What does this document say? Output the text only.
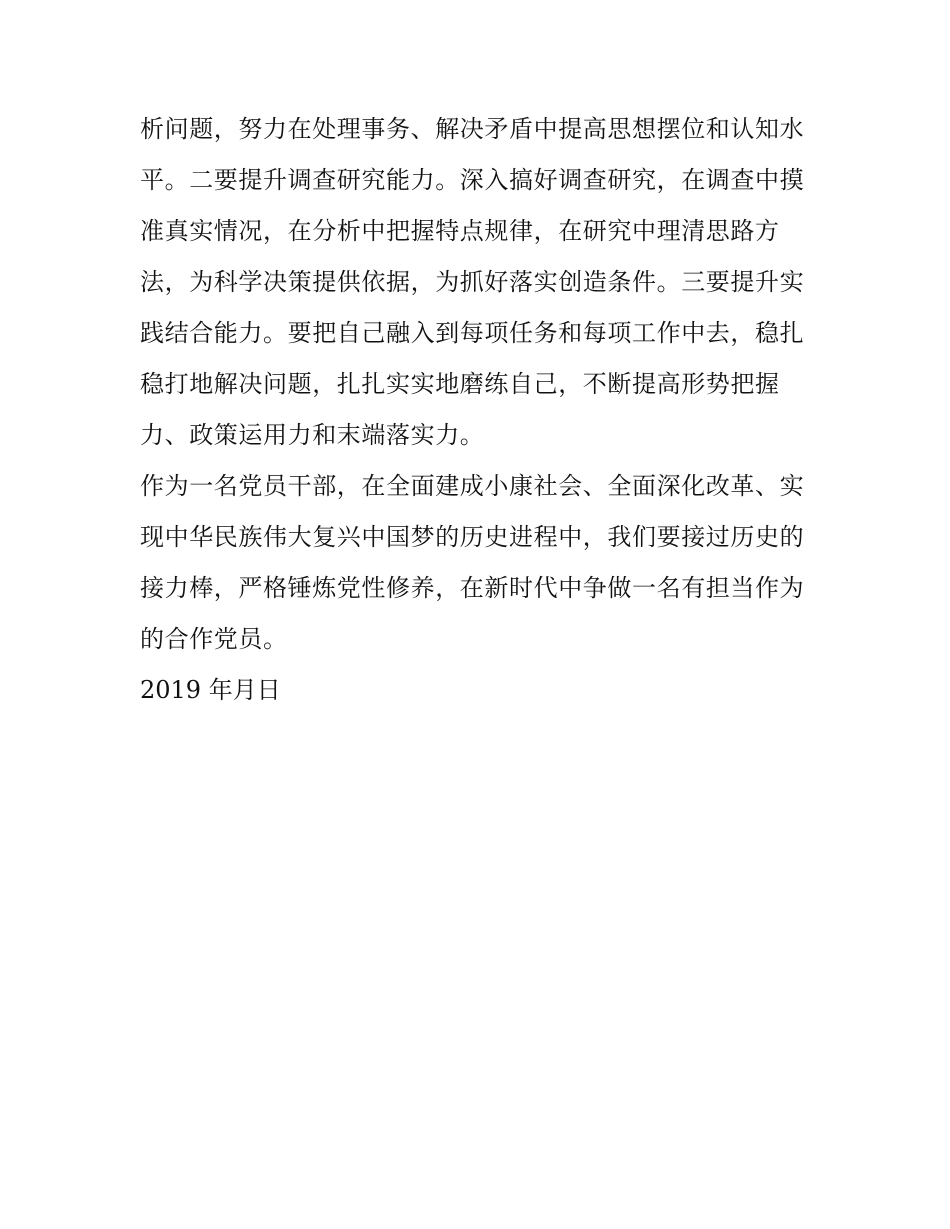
析问题，努力在处理事务、解决矛盾中提高思想摆位和认知水
平。二要提升调查研究能力。深入搞好调查研究，在调查中摸
准真实情况，在分析中把握特点规律，在研究中理清思路方
法，为科学决策提供依据，为抓好落实创造条件。三要提升实
践结合能力。要把自己融入到每项任务和每项工作中去，稳扎
稳打地解决问题，扎扎实实地磨练自己，不断提高形势把握
力、政策运用力和末端落实力。
作为一名党员干部，在全面建成小康社会、全面深化改革、实
现中华民族伟大复兴中国梦的历史进程中，我们要接过历史的
接力棒，严格锤炼党性修养，在新时代中争做一名有担当作为
的合作党员。
2019 年月日
